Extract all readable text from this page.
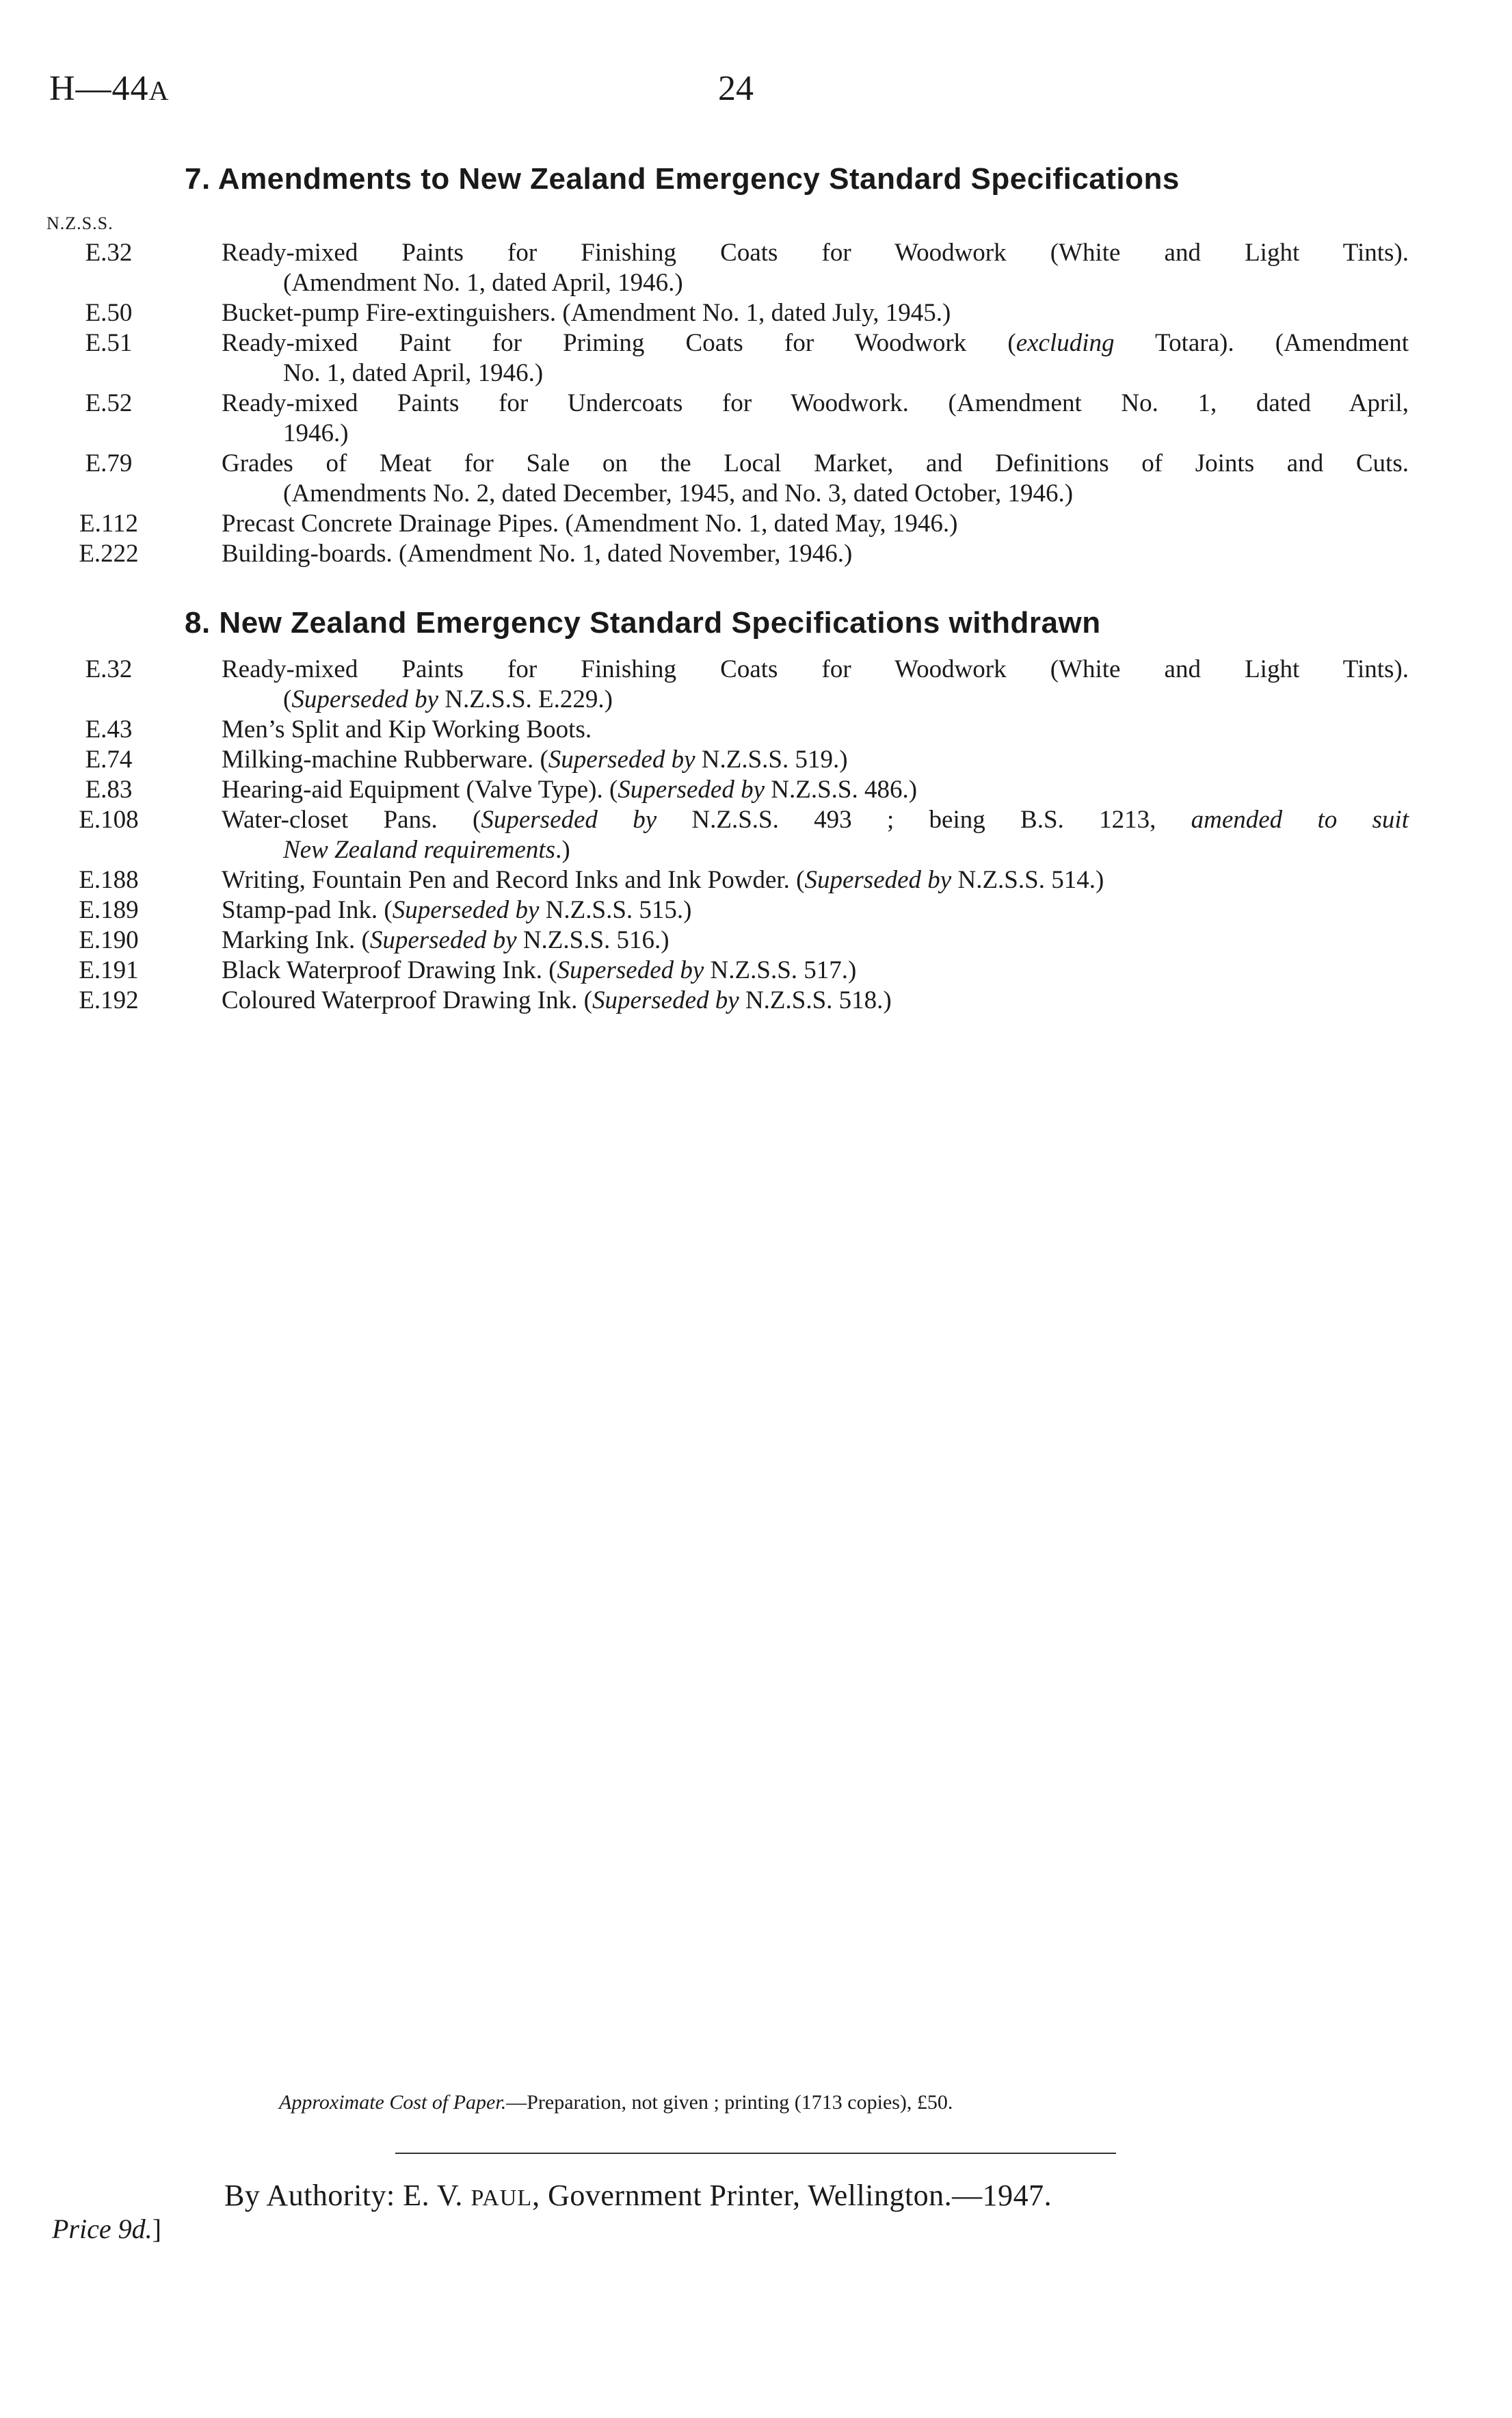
H—44A	24
7. Amendments to New Zealand Emergency Standard Specifications
N.Z.S.S.
E.32	Ready-mixed Paints for Finishing Coats for Woodwork (White and Light Tints).
(Amendment No. 1, dated April, 1946.)
E.50	Bucket-pump Fire-extinguishers. (Amendment No. 1, dated July, 1945.)
E.51	Ready-mixed Paint for Priming Coats for Woodwork (excluding Totara). (Amendment
No. 1, dated April, 1946.)
E.52	Ready-mixed Paints for Undercoats for Woodwork. (Amendment No. 1, dated April,
1946.)
E.79	Grades of Meat for Sale on the Local Market, and Definitions of Joints and Cuts.
(Amendments No. 2, dated December, 1945, and No. 3, dated October, 1946.)
E.112	Precast Concrete Drainage Pipes. (Amendment No. 1, dated May, 1946.)
E.222	Building-boards. (Amendment No. 1, dated November, 1946.)
8. New Zealand Emergency Standard Specifications withdrawn
E.32	Ready-mixed Paints for Finishing Coats for Woodwork (White and Light Tints).
(Superseded by N.Z.S.S. E.229.)
E.43	Men’s Split and Kip Working Boots.
E.74	Milking-machine Rubberware. (Superseded by N.Z.S.S. 519.)
E.83	Hearing-aid Equipment (Valve Type). (Superseded by N.Z.S.S. 486.)
E.108	Water-closet Pans. (Superseded by N.Z.S.S. 493 ; being B.S. 1213, amended to suit
New Zealand requirements.)
E.188	Writing, Fountain Pen and Record Inks and Ink Powder. (Superseded by N.Z.S.S. 514.)
E.189	Stamp-pad Ink. (Superseded by N.Z.S.S. 515.)
E.190	Marking Ink. (Superseded by N.Z.S.S. 516.)
E.191	Black Waterproof Drawing Ink. (Superseded by N.Z.S.S. 517.)
E.192	Coloured Waterproof Drawing Ink. (Superseded by N.Z.S.S. 518.)
Approximate Cost of Paper.—Preparation, not given ; printing (1713 copies), £50.
By Authority: E. V. PAUL, Government Printer, Wellington.—1947.
Price 9d.]
